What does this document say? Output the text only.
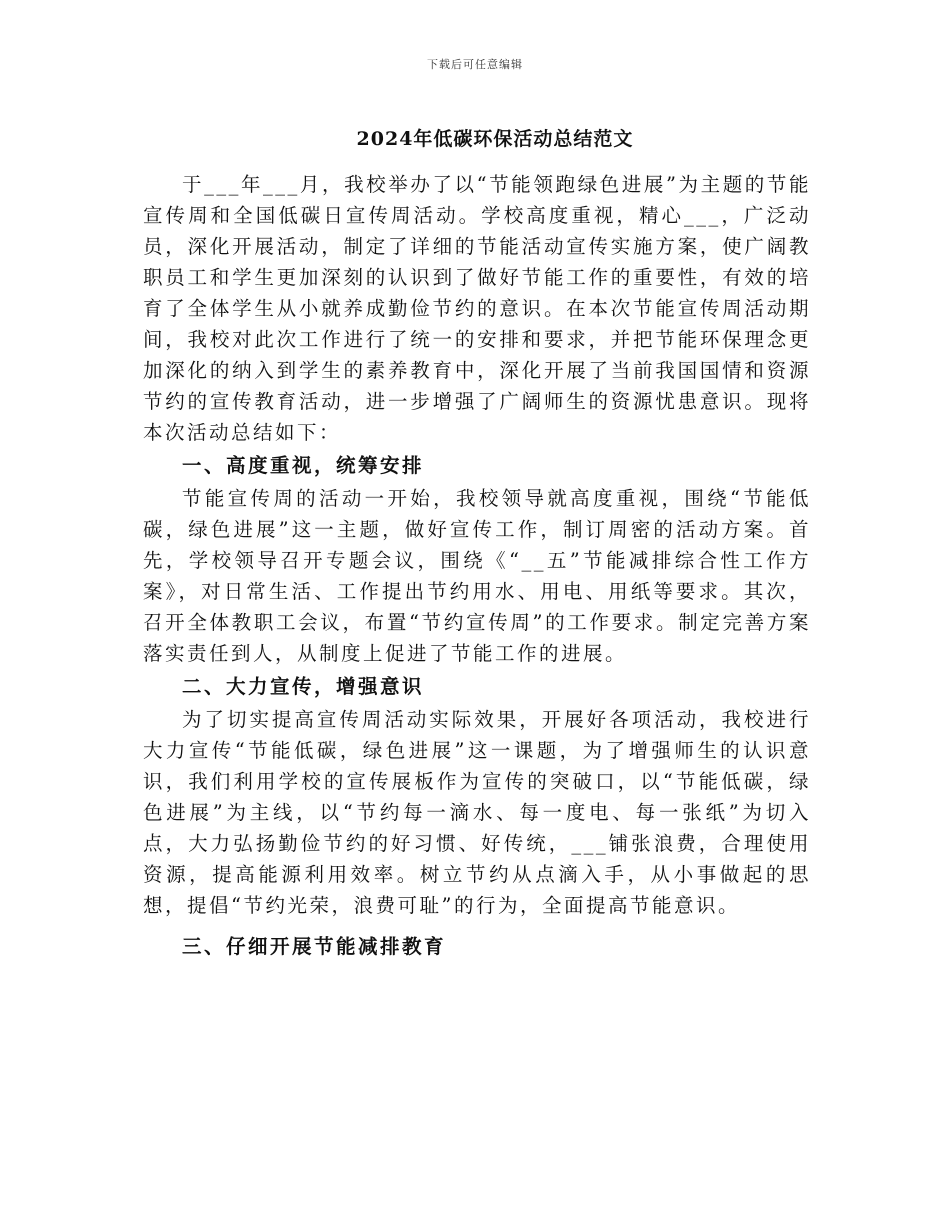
下载后可任意编辑
2024年低碳环保活动总结范文

于___年___月，我校举办了以“节能领跑绿色进展”为主题的节能宣传周和全国低碳日宣传周活动。学校高度重视，精心___，广泛动员，深化开展活动，制定了详细的节能活动宣传实施方案，使广阔教职员工和学生更加深刻的认识到了做好节能工作的重要性，有效的培育了全体学生从小就养成勤俭节约的意识。在本次节能宣传周活动期间，我校对此次工作进行了统一的安排和要求，并把节能环保理念更加深化的纳入到学生的素养教育中，深化开展了当前我国国情和资源节约的宣传教育活动，进一步增强了广阔师生的资源忧患意识。现将本次活动总结如下：

一、高度重视，统筹安排

节能宣传周的活动一开始，我校领导就高度重视，围绕“节能低碳，绿色进展”这一主题，做好宣传工作，制订周密的活动方案。首先，学校领导召开专题会议，围绕《“__五”节能减排综合性工作方案》，对日常生活、工作提出节约用水、用电、用纸等要求。其次，召开全体教职工会议，布置“节约宣传周”的工作要求。制定完善方案落实责任到人，从制度上促进了节能工作的进展。

二、大力宣传，增强意识

为了切实提高宣传周活动实际效果，开展好各项活动，我校进行大力宣传“节能低碳，绿色进展”这一课题，为了增强师生的认识意识，我们利用学校的宣传展板作为宣传的突破口，以“节能低碳，绿色进展”为主线，以“节约每一滴水、每一度电、每一张纸”为切入点，大力弘扬勤俭节约的好习惯、好传统，___铺张浪费，合理使用资源，提高能源利用效率。树立节约从点滴入手，从小事做起的思想，提倡“节约光荣，浪费可耻”的行为，全面提高节能意识。

三、仔细开展节能减排教育
